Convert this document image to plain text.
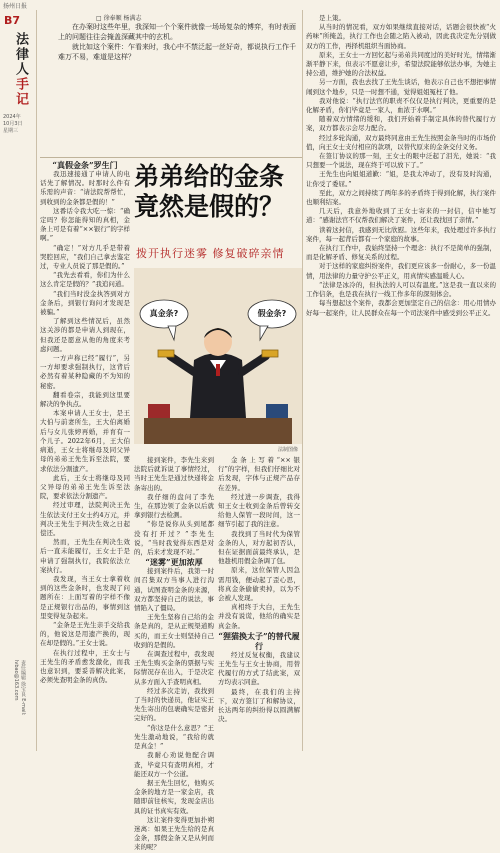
扬州日报
B7
法律人手记
2024年
10月3日
星期三
责任编辑 徐宝良 E-mail: lvbao@163.com
□ 徐奉顺 杨满志

在办案时这些年里，我深知一个个案件就像一场场复杂的博弈，有时表面上的问题往往会掩盖深藏其中的玄机。

就比如这个案件：乍看来时，我心中不禁泛起一丝好奇，都说执行工作千难万不易，难道是这样？

“真假金条”罗生门

我迅速接通了申请人的电话先了解情况。时那时么件有乐需的声音：“请法院帮帮忙，到收到的金条都是假的！”

这番话令我大吃一惊：“确定吗？你怎能得知的真相，金条上可是有着“××银行”的字样啊。”

“确定！”对方几乎是带着哭腔回应，“我们自己拿去鉴定过，专业人员说了那是假的。”

“我先去看看，你们为什么这么肯定是假的？”我追问道。

“我们当时没金执答到对方金条后，到银行询问才发现是被骗。”

了解到这些情况后，虽然这关涉的都是申请人到现在，但我还是愿意从他的角度来考虑问题。

一方声称已经“履行”，另一方却要求强制执行，这背后必然有着某种隐藏的不为知的秘密。

翻看卷宗，我能到这里要解决的争执点。

本案申请人王女士，是王大伯与前妻所生，王大伯离婚后与女儿张婷再婚，并育有一个儿子。2022年6月，王大伯病逝，王女士将继母及同父异母的弟弟王先生诉至法院，要求依法分割遗产。

此后，王女士将继母及同父异母的弟弟王先生诉至法院，要求依法分割遗产。

经过审理，法院判决王先生依法支付王女士约4万元，并判决王先生于判决生效之日起偿还。

然而，王先生在判决生效后一直未能履行，王女士于是申请了强制执行，我院依法立案执行。

我发现，当王女士拿着收到的这些金条时，也发现了问题所在：上面写着的字样不像是正规银行出品的，事情到这里变得复杂起来。

“金条是王先生亲手交给我的，他说这是用遗产换的，现在却是假的。”王女士说。

在执行过程中，王女士与王先生的矛盾愈发激化，而我也意识到，要妥善解决此案，必须先查明金条的真伪。

弟弟给的金条竟然是假的？
拨开执行迷雾 修复破碎亲情
真金条?	假金条?
法制图像

接到案件，李先生来到法院后就诉说了事情经过，当时王先生是通过快递将金条寄出的。

我仔细的盘问了李先生，在那边领了金条以后就拿到银行去检测。

“你是说你从头到尾都没有打开过？”李先生说，“当时我觉得东西是对的，后来才发现不对。”

“迷雾”更加浓厚

接到案件后，我第一时间召集双方当事人进行沟通，试图查明金条的来源，双方都坚持自己的说法，事情陷入了僵局。

王先生坚称自己给的金条是真的，是从正规渠道购买的，而王女士则坚持自己收到的是假的。

在调查过程中，我发现王先生购买金条的票据与实际情况存在出入，于是决定从多方面入手查明真相。

经过多次走访，我找到了当时的快递员，他证实王先生寄出的包裹确实是密封完好的。

“你这是什么意思？”王先生激动地说，“我给的就是真金！”

我耐心劝说他配合调查，毕竟只有查明真相，才能还双方一个公道。

据王先生回忆，他购买金条的地方是一家金店，我随即前往核实，发现金店出具的证书真实有效。

这让案件变得更加扑朔迷离：如果王先生给的是真金条，那假金条又是从何而来的呢？

金条上写着“××银行”的字样，但我们仔细比对后发现，字体与正规产品存在差异。

经过进一步调查，我得知王女士收到金条后曾转交给他人保管一段时间，这一细节引起了我的注意。

我找到了当时代为保管金条的人，对方起初否认，但在证据面前最终承认，是他趁机用假金条调了包。

原来，这位保管人因急需用钱，便动起了歪心思，将真金条偷偷卖掉，以为不会被人发现。

真相终于大白，王先生并没有说谎，他给的确实是真金条。

“狸猫换太子”的替代履行

经过反复权衡，我建议王先生与王女士协商，用替代履行的方式了结此案，双方均表示同意。

最终，在我们的主持下，双方签订了和解协议，长达两年的纠纷得以圆满解决。

是上策。

从当时的情况看，双方如果继续直接对话，话题会很快被“火药味”所掩盖，执行工作也会随之陷入被动，因此我决定先分别做双方的工作，再择机组织当面协商。

原来，王女士一方回忆起与弟弟共同度过的美好时光，情绪渐渐平静下来，但表示不愿意让步，希望法院能够依法办事，为她主持公道，维护她的合法权益。

另一方面，我也去找了王先生谈话，他表示自己也不想把事情闹到这个地步，只是一时想不通，觉得姐姐冤枉了他。

我对他说：“执行法官的职责不仅仅是执行判决，更重要的是化解矛盾，你们毕竟是一家人，血浓于水啊。”

随着双方情绪的缓和，我们开始着手制定具体的替代履行方案，双方都表示会尽力配合。

经过多轮沟通，双方最终同意由王先生按照金条当时的市场价值，向王女士支付相应的款项，以替代原来的金条交付义务。

在签订协议的那一刻，王女士的眼中泛起了泪光，她说：“我只想要一个说法，现在终于可以放下了。”

王先生也向姐姐道歉：“姐，是我太冲动了，没有及时沟通，让你受了委屈。”

至此，双方之间持续了两年多的矛盾终于得到化解，执行案件也顺利结案。

几天后，我意外地收到了王女士寄来的一封信，信中她写道：“感谢法官不仅帮我们解决了案件，还让我找回了亲情。”

读着这封信，我感到无比欣慰。这些年来，我处理过许多执行案件，每一起背后都有一个家庭的故事。

在执行工作中，我始终坚持一个理念：执行不是简单的强制，而是化解矛盾、修复关系的过程。

对于这样的家庭纠纷案件，我们更应该多一份耐心，多一份温情，用法律的力量守护公平正义，用真情实感温暖人心。

“法律是冰冷的，但执法的人可以有温度。”这是我一直以来的工作信条，也是我在执行一线工作多年的深刻体会。

每当想起这个案件，我都会更加坚定自己的信念：用心用情办好每一起案件，让人民群众在每一个司法案件中感受到公平正义。
